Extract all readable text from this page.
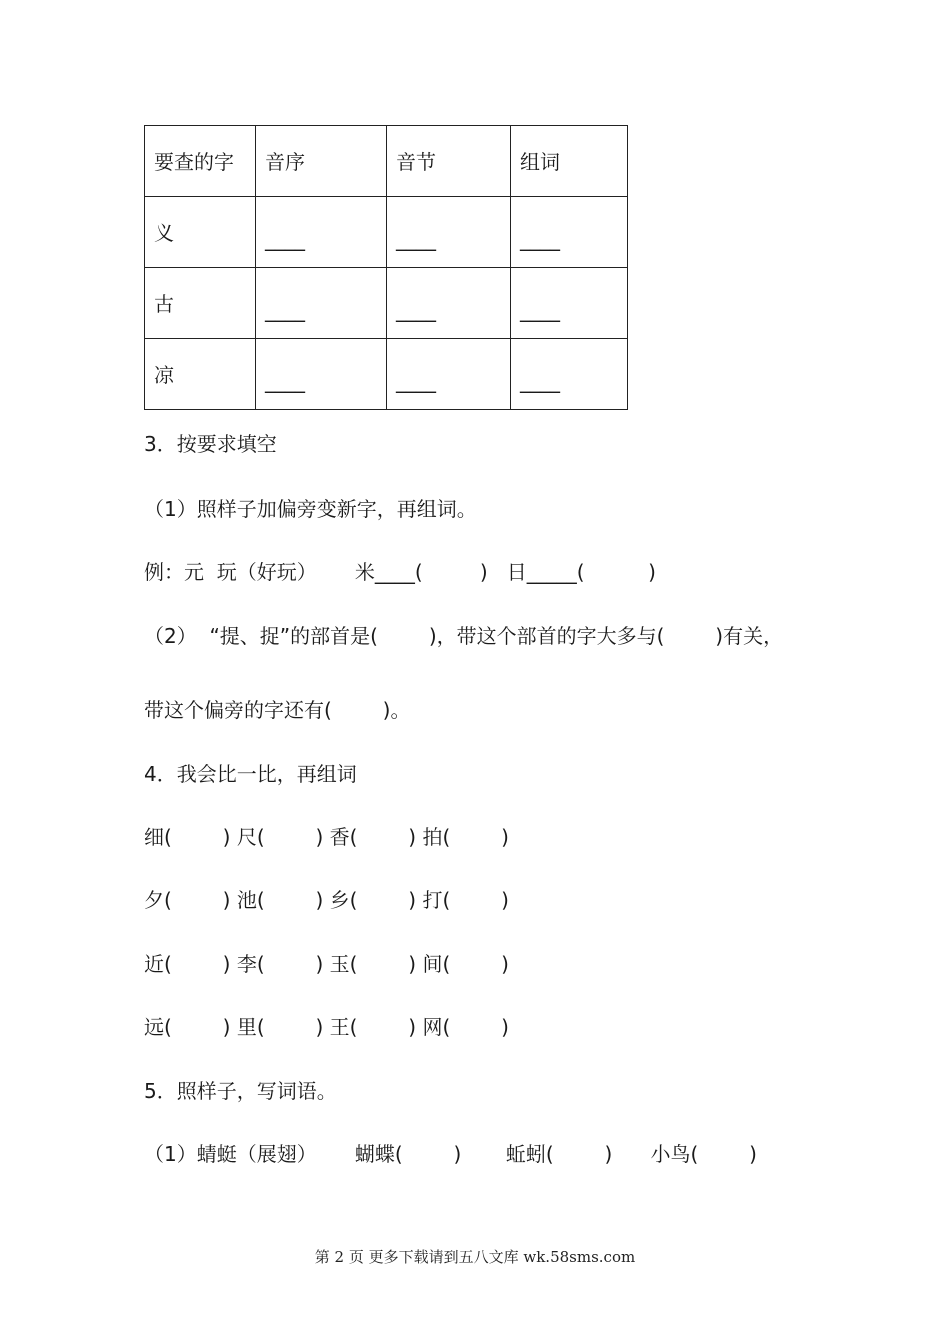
要查的字	音序	音节	组词

义	____	____	____

古	____	____	____

凉	____	____	____
3．按要求填空
（1）照样子加偏旁变新字，再组词。
例：元  玩（好玩）      米____(         )   日_____(          )
（2）  “提、捉”的部首是(        )，带这个部首的字大多与(        )有关，
带这个偏旁的字还有(        )。
4．我会比一比，再组词
细(        ) 尺(        ) 香(        ) 拍(        )
夕(        ) 池(        ) 乡(        ) 打(        )
近(        ) 李(        ) 玉(        ) 间(        )
远(        ) 里(        ) 王(        ) 网(        )
5．照样子，写词语。
（1）蜻蜓（展翅）      蝴蝶(        )       蚯蚓(        )      小鸟(        )
第 2 页 更多下载请到五八文库 wk.58sms.com
